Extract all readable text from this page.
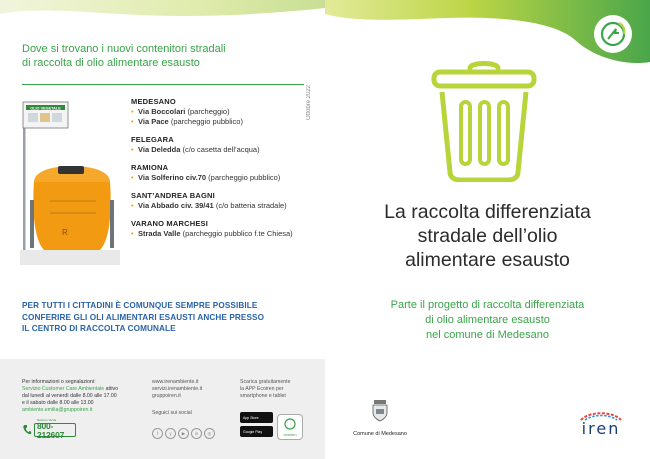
Dove si trovano i nuovi contenitori stradali
di raccolta di olio alimentare esausto
Ottobre 2022
OLIO VEGETALE
R
MEDESANO
• Via Boccolari (parcheggio)
• Via Pace (parcheggio pubblico)
FELEGARA
• Via Deledda (c/o casetta dell’acqua)
RAMIONA
• Via Solferino civ.70 (parcheggio pubblico)
SANT’ANDREA BAGNI
• Via Abbado civ. 39/41 (c/o batteria stradale)
VARANO MARCHESI
• Strada Valle (parcheggio pubblico f.te Chiesa)
PER TUTTI I CITTADINI È COMUNQUE SEMPRE POSSIBILE
CONFERIRE GLI OLI ALIMENTARI ESAUSTI ANCHE PRESSO
IL CENTRO DI RACCOLTA COMUNALE
Per informazioni o segnalazioni:
Servizio Customer Care Ambientale attivo
dal lunedì al venerdì dalle 8.00 alle 17.00
e il sabato dalle 8.00 alle 13.00
ambiente.emilia@gruppoiren.it
Numero Verde
800-212607
www.irenambiente.it
servizi.irenambiente.it
gruppoiren.it
Seguici sui social
f	y	▶	in	◎
Scarica gratuitamente
la APP Ecoiren per
smartphone e tablet
App Store
Google Play
ecoiren
La raccolta differenziata
stradale dell’olio
alimentare esausto
Parte il progetto di raccolta differenziata
di olio alimentare esausto
nel comune di Medesano
Comune di Medesano	iren
